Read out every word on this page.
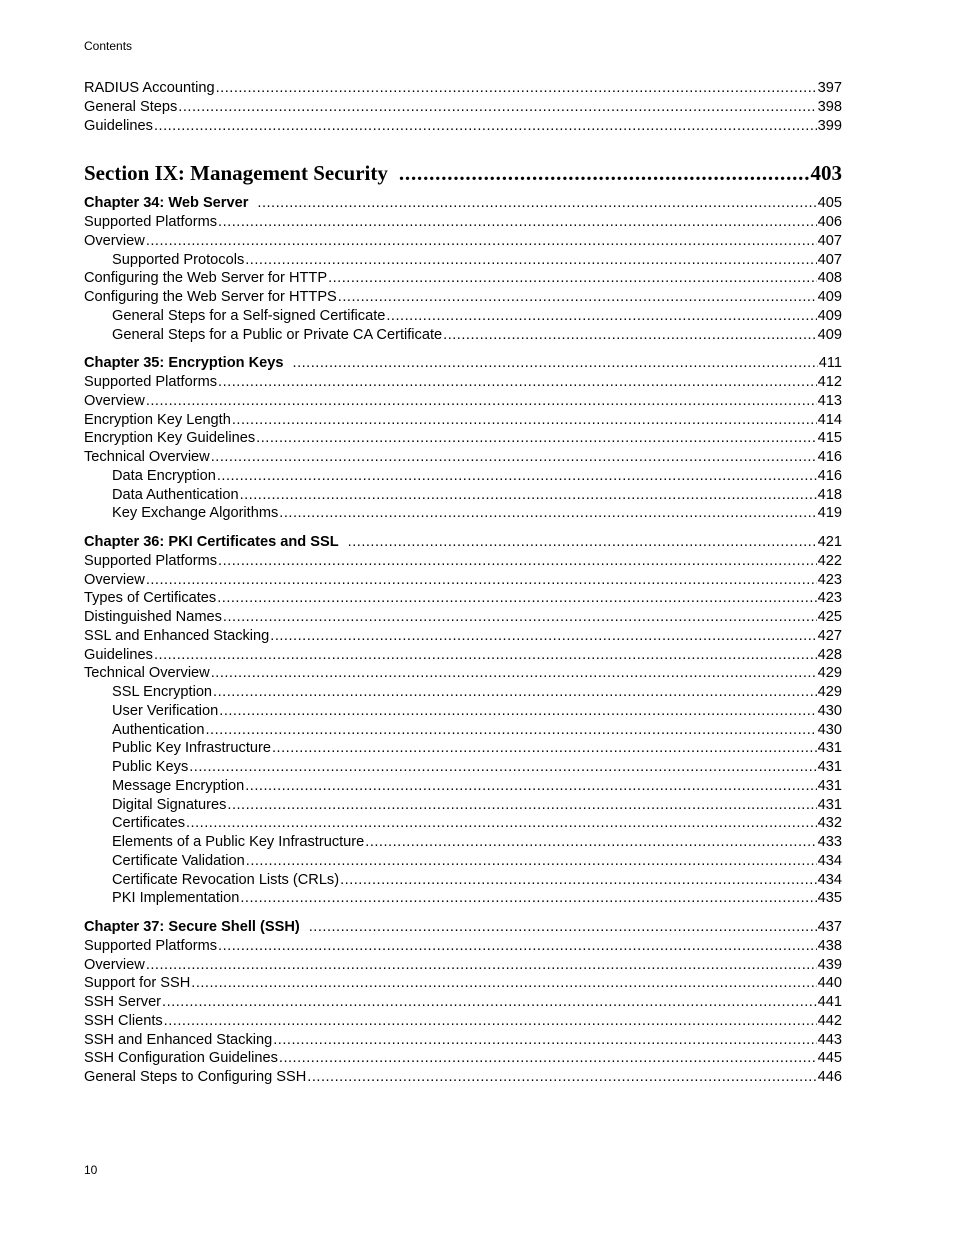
Contents
RADIUS Accounting .....	397
General Steps .....	398
Guidelines .....	399
Section IX: Management Security .....	403
Chapter 34: Web Server .....	405
Supported Platforms .....	406
Overview .....	407
Supported Protocols .....	407
Configuring the Web Server for HTTP .....	408
Configuring the Web Server for HTTPS .....	409
General Steps for a Self-signed Certificate .....	409
General Steps for a Public or Private CA Certificate .....	409
Chapter 35: Encryption Keys .....	411
Supported Platforms .....	412
Overview .....	413
Encryption Key Length .....	414
Encryption Key Guidelines .....	415
Technical Overview .....	416
Data Encryption .....	416
Data Authentication .....	418
Key Exchange Algorithms .....	419
Chapter 36: PKI Certificates and SSL .....	421
Supported Platforms .....	422
Overview .....	423
Types of Certificates .....	423
Distinguished Names .....	425
SSL and Enhanced Stacking .....	427
Guidelines .....	428
Technical Overview .....	429
SSL Encryption .....	429
User Verification .....	430
Authentication .....	430
Public Key Infrastructure .....	431
Public Keys .....	431
Message Encryption .....	431
Digital Signatures .....	431
Certificates .....	432
Elements of a Public Key Infrastructure .....	433
Certificate Validation .....	434
Certificate Revocation Lists (CRLs) .....	434
PKI Implementation .....	435
Chapter 37: Secure Shell (SSH) .....	437
Supported Platforms .....	438
Overview .....	439
Support for SSH .....	440
SSH Server .....	441
SSH Clients .....	442
SSH and Enhanced Stacking .....	443
SSH Configuration Guidelines .....	445
General Steps to Configuring SSH .....	446
10
